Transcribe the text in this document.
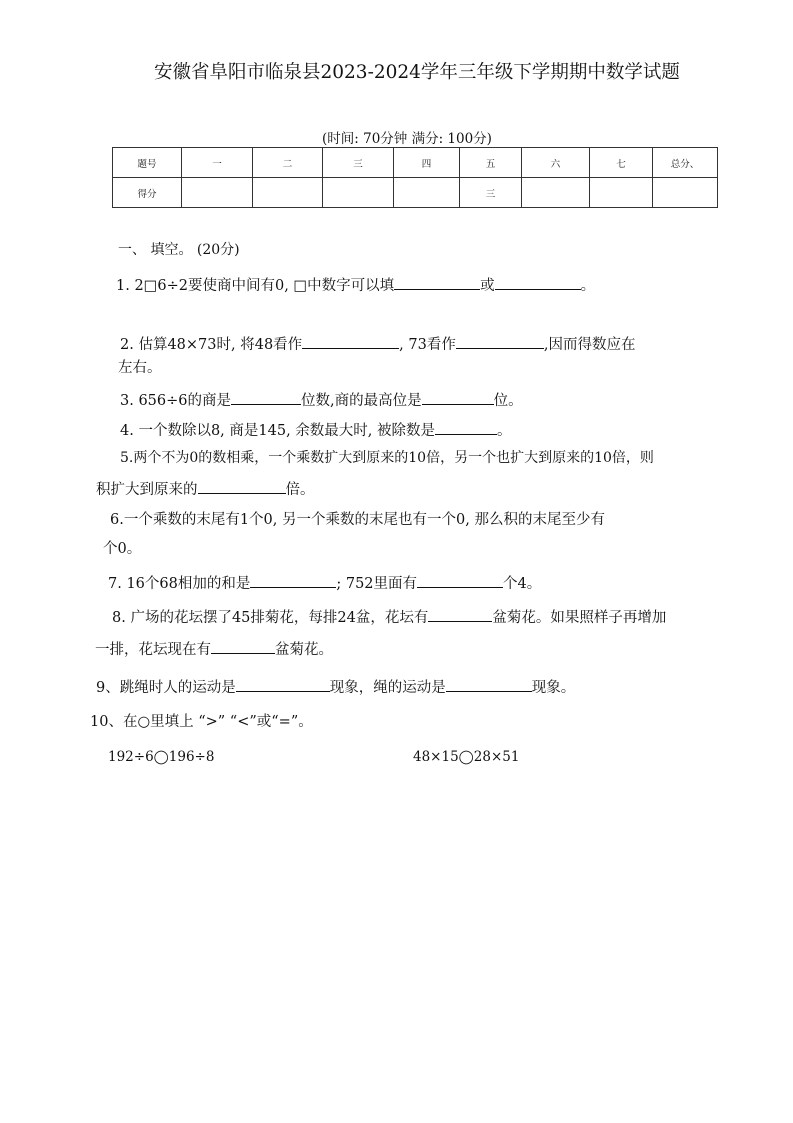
安徽省阜阳市临泉县2023-2024学年三年级下学期期中数学试题
(时间: 70分钟 满分: 100分)
题号	一	二	三	四	五	六	七	总分、
得分					三			
一、 填空。 (20分)
1. 2□6÷2要使商中间有0, □中数字可以填	或	。
2. 估算48×73时, 将48看作	, 73看作	,因而得数应在
左右。
3. 656÷6的商是	位数,商的最高位是	位。
4. 一个数除以8, 商是145, 余数最大时, 被除数是	。
5.两个不为0的数相乘，一个乘数扩大到原来的10倍，另一个也扩大到原来的10倍，则
积扩大到原来的	倍。
6.一个乘数的末尾有1个0, 另一个乘数的末尾也有一个0, 那么积的末尾至少有
个0。
7. 16个68相加的和是	; 752里面有	个4。
8. 广场的花坛摆了45排菊花，每排24盆，花坛有	盆菊花。如果照样子再增加
一排，花坛现在有	盆菊花。
9、跳绳时人的运动是	现象，绳的运动是	现象。
10、在○里填上 “>” “<”或“=”。
192÷6◯196÷8	48×15◯28×51
